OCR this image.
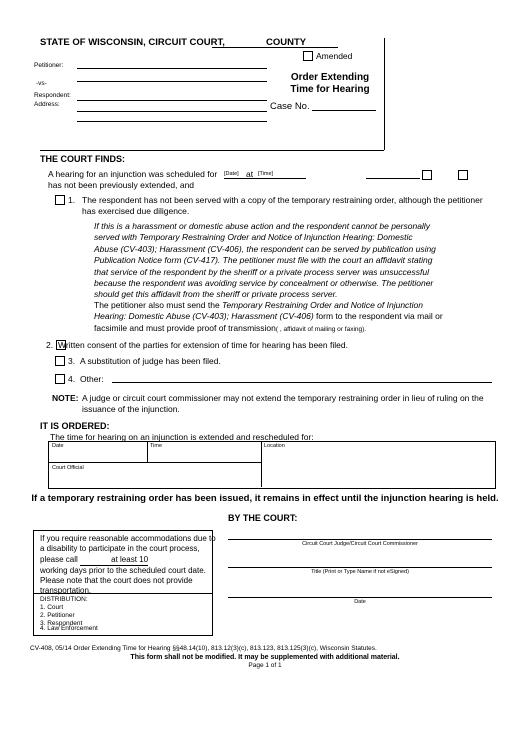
STATE OF WISCONSIN, CIRCUIT COURT,	COUNTY
Amended
Petitioner:
-vs-
Respondent:
Address:
Order Extending
Time for Hearing
Case No.
THE COURT FINDS:
A hearing for an injunction was scheduled for [Date] at [Time]
has not been previously extended, and
1. The respondent has not been served with a copy of the temporary restraining order, although the petitioner
has exercised due diligence.
If this is a harassment or domestic abuse action and the respondent cannot be personally
served with Temporary Restraining Order and Notice of Injunction Hearing: Domestic
Abuse (CV-403); Harassment (CV-406), the respondent can be served by publication using
Publication Notice form (CV-417). The petitioner must file with the court an affidavit stating
that service of the respondent by the sheriff or a private process server was unsuccessful
because the respondent was avoiding service by concealment or otherwise. The petitioner
should get this affidavit from the sheriff or private process server.
The petitioner also must send the Temporary Restraining Order and Notice of Injunction
Hearing: Domestic Abuse (CV-403); Harassment (CV-406) form to the respondent via mail or
facsimile and must provide proof of transmission( , affidavit of mailing or faxing).
2. Written consent of the parties for extension of time for hearing has been filed.
3. A substitution of judge has been filed.
4. Other:
NOTE: A judge or circuit court commissioner may not extend the temporary restraining order in lieu of ruling on the
issuance of the injunction.
IT IS ORDERED:
The time for hearing on an injunction is extended and rescheduled for:
Date	Time	Location
Court Official
If a temporary restraining order has been issued, it remains in effect until the injunction hearing is held.
BY THE COURT:
Circuit Court Judge/Circuit Court Commissioner
Title (Print or Type Name if not eSigned)
Date
If you require reasonable accommodations due to
a disability to participate in the court process,
please call	at least 10
working days prior to the scheduled court date.
Please note that the court does not provide
transportation.
DISTRIBUTION:
1. Court
2. Petitioner
3. Respondent
4. Law Enforcement
CV-408, 05/14 Order Extending Time for Hearing §§48.14(10), 813.12(3)(c), 813.123, 813.125(3)(c), Wisconsin Statutes.
This form shall not be modified. It may be supplemented with additional material.
Page 1 of 1
